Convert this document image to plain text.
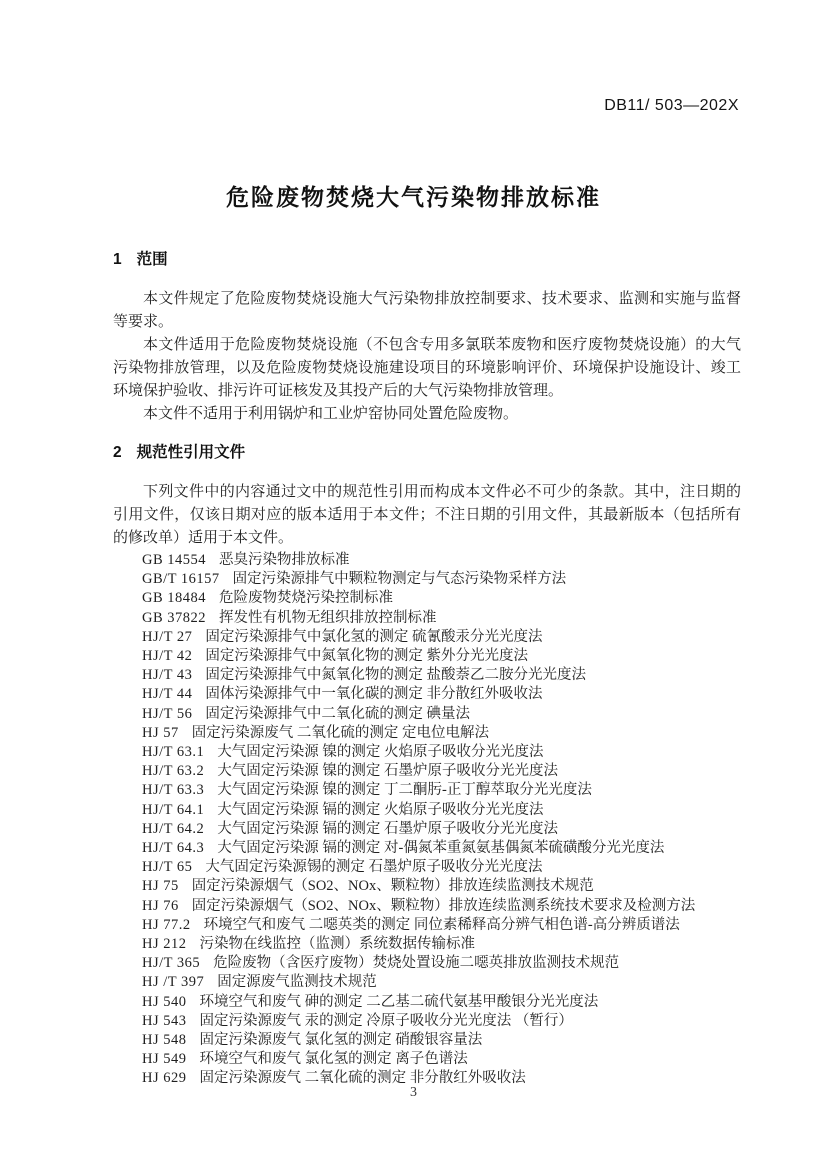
DB11/ 503—202X
危险废物焚烧大气污染物排放标准
1 范围

本文件规定了危险废物焚烧设施大气污染物排放控制要求、技术要求、监测和实施与监督等要求。

本文件适用于危险废物焚烧设施（不包含专用多氯联苯废物和医疗废物焚烧设施）的大气污染物排放管理，以及危险废物焚烧设施建设项目的环境影响评价、环境保护设施设计、竣工环境保护验收、排污许可证核发及其投产后的大气污染物排放管理。

本文件不适用于利用锅炉和工业炉窑协同处置危险废物。

2 规范性引用文件

下列文件中的内容通过文中的规范性引用而构成本文件必不可少的条款。其中，注日期的引用文件，仅该日期对应的版本适用于本文件；不注日期的引用文件，其最新版本（包括所有的修改单）适用于本文件。

GB 14554 恶臭污染物排放标准
GB/T 16157 固定污染源排气中颗粒物测定与气态污染物采样方法
GB 18484 危险废物焚烧污染控制标准
GB 37822 挥发性有机物无组织排放控制标准
HJ/T 27 固定污染源排气中氯化氢的测定 硫氰酸汞分光光度法
HJ/T 42 固定污染源排气中氮氧化物的测定 紫外分光光度法
HJ/T 43 固定污染源排气中氮氧化物的测定 盐酸萘乙二胺分光光度法
HJ/T 44 固体污染源排气中一氧化碳的测定 非分散红外吸收法
HJ/T 56 固定污染源排气中二氧化硫的测定 碘量法
HJ 57 固定污染源废气 二氧化硫的测定 定电位电解法
HJ/T 63.1 大气固定污染源 镍的测定 火焰原子吸收分光光度法
HJ/T 63.2 大气固定污染源 镍的测定 石墨炉原子吸收分光光度法
HJ/T 63.3 大气固定污染源 镍的测定 丁二酮肟-正丁醇萃取分光光度法
HJ/T 64.1 大气固定污染源 镉的测定 火焰原子吸收分光光度法
HJ/T 64.2 大气固定污染源 镉的测定 石墨炉原子吸收分光光度法
HJ/T 64.3 大气固定污染源 镉的测定 对-偶氮苯重氮氨基偶氮苯硫磺酸分光光度法
HJ/T 65 大气固定污染源锡的测定 石墨炉原子吸收分光光度法
HJ 75 固定污染源烟气（SO2、NOx、颗粒物）排放连续监测技术规范
HJ 76 固定污染源烟气（SO2、NOx、颗粒物）排放连续监测系统技术要求及检测方法
HJ 77.2 环境空气和废气 二噁英类的测定 同位素稀释高分辨气相色谱-高分辨质谱法
HJ 212 污染物在线监控（监测）系统数据传输标准
HJ/T 365 危险废物（含医疗废物）焚烧处置设施二噁英排放监测技术规范
HJ /T 397 固定源废气监测技术规范
HJ 540 环境空气和废气 砷的测定 二乙基二硫代氨基甲酸银分光光度法
HJ 543 固定污染源废气 汞的测定 冷原子吸收分光光度法 （暂行）
HJ 548 固定污染源废气 氯化氢的测定 硝酸银容量法
HJ 549 环境空气和废气 氯化氢的测定 离子色谱法
HJ 629 固定污染源废气 二氧化硫的测定 非分散红外吸收法
3
